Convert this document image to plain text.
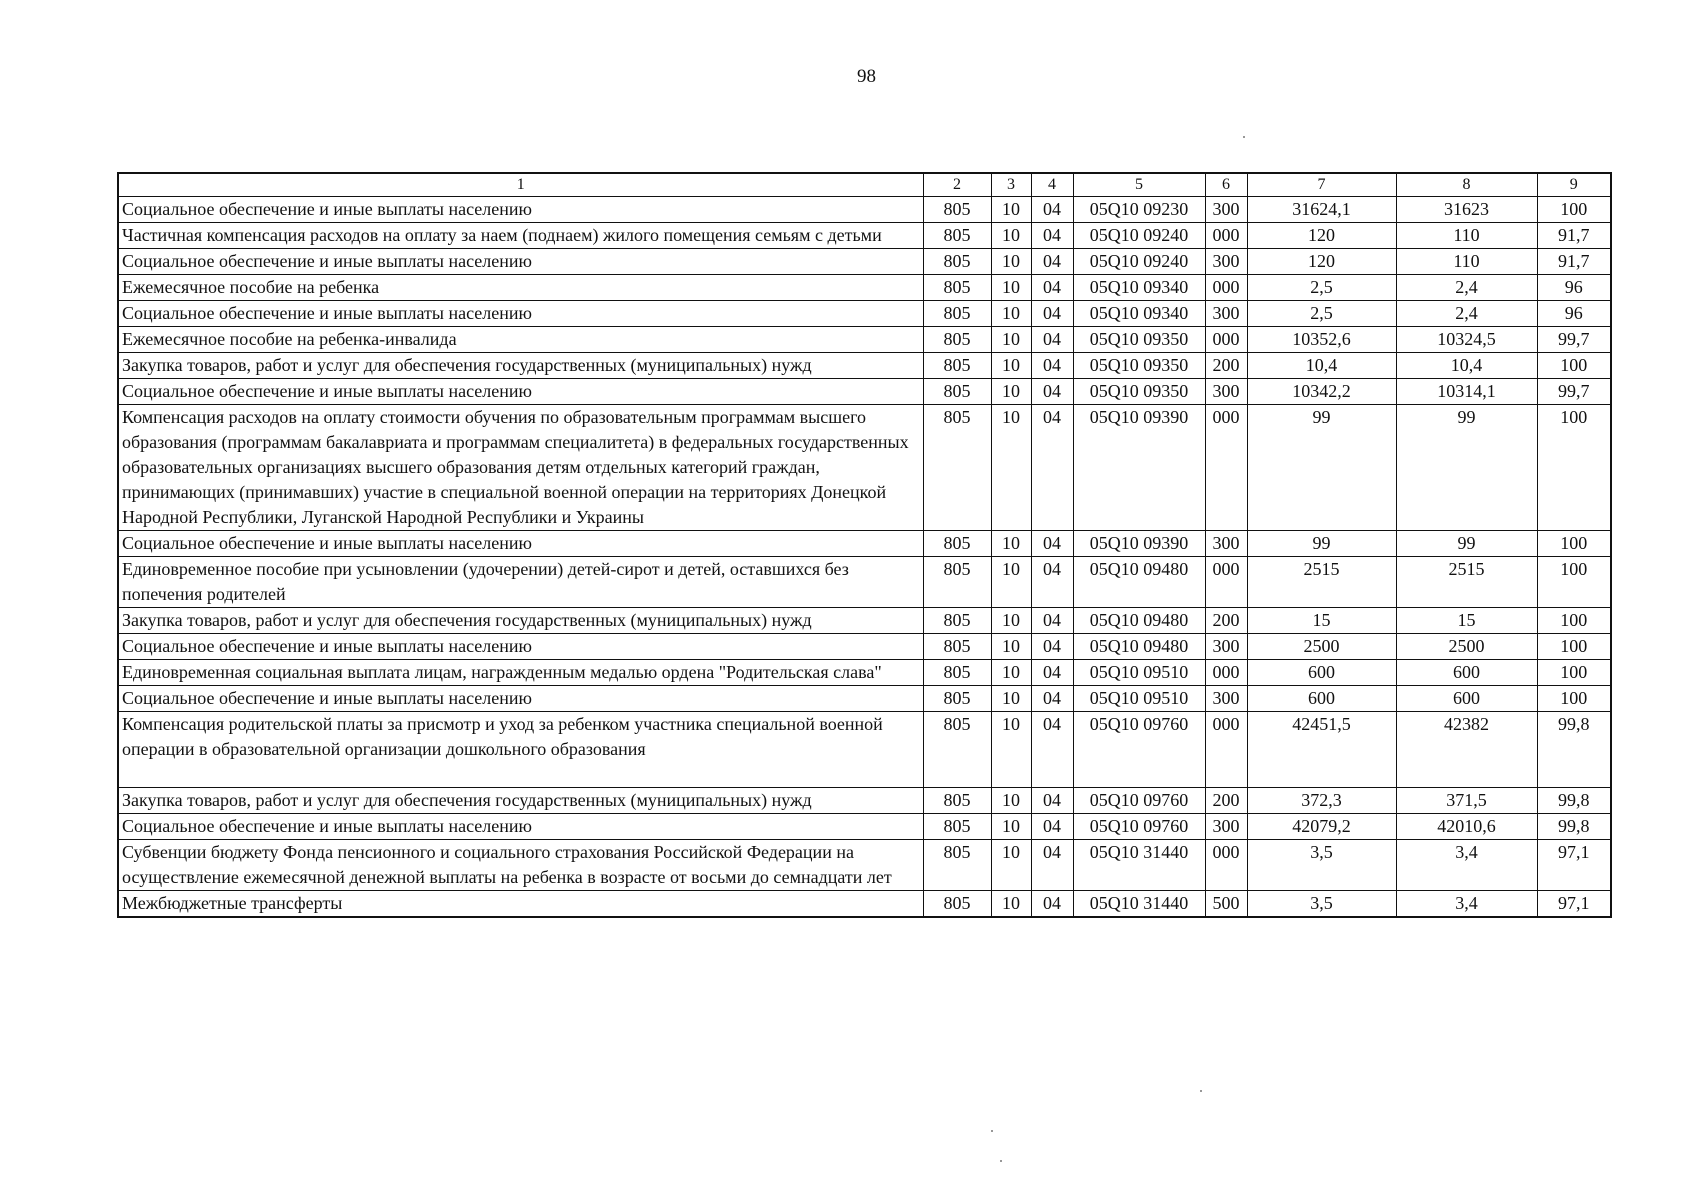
98
1	2	3	4	5	6	7	8	9
Социальное обеспечение и иные выплаты населению	805	10	04	05Q10 09230	300	31624,1	31623	100
Частичная компенсация расходов на оплату за наем (поднаем) жилого помещения семьям с детьми	805	10	04	05Q10 09240	000	120	110	91,7
Социальное обеспечение и иные выплаты населению	805	10	04	05Q10 09240	300	120	110	91,7
Ежемесячное пособие на ребенка	805	10	04	05Q10 09340	000	2,5	2,4	96
Социальное обеспечение и иные выплаты населению	805	10	04	05Q10 09340	300	2,5	2,4	96
Ежемесячное пособие на ребенка-инвалида	805	10	04	05Q10 09350	000	10352,6	10324,5	99,7
Закупка товаров, работ и услуг для обеспечения государственных (муниципальных) нужд	805	10	04	05Q10 09350	200	10,4	10,4	100
Социальное обеспечение и иные выплаты населению	805	10	04	05Q10 09350	300	10342,2	10314,1	99,7
Компенсация расходов на оплату стоимости обучения по образовательным программам высшего образования (программам бакалавриата и программам специалитета) в федеральных государственных образовательных организациях высшего образования детям отдельных категорий граждан, принимающих (принимавших) участие в специальной военной операции на территориях Донецкой Народной Республики, Луганской Народной Республики и Украины	805	10	04	05Q10 09390	000	99	99	100
Социальное обеспечение и иные выплаты населению	805	10	04	05Q10 09390	300	99	99	100
Единовременное пособие при усыновлении (удочерении) детей-сирот и детей, оставшихся без попечения родителей	805	10	04	05Q10 09480	000	2515	2515	100
Закупка товаров, работ и услуг для обеспечения государственных (муниципальных) нужд	805	10	04	05Q10 09480	200	15	15	100
Социальное обеспечение и иные выплаты населению	805	10	04	05Q10 09480	300	2500	2500	100
Единовременная социальная выплата лицам, награжденным медалью ордена "Родительская слава"	805	10	04	05Q10 09510	000	600	600	100
Социальное обеспечение и иные выплаты населению	805	10	04	05Q10 09510	300	600	600	100
Компенсация родительской платы за присмотр и уход за ребенком участника специальной военной операции в образовательной организации дошкольного образования	805	10	04	05Q10 09760	000	42451,5	42382	99,8
Закупка товаров, работ и услуг для обеспечения государственных (муниципальных) нужд	805	10	04	05Q10 09760	200	372,3	371,5	99,8
Социальное обеспечение и иные выплаты населению	805	10	04	05Q10 09760	300	42079,2	42010,6	99,8
Субвенции бюджету Фонда пенсионного и социального страхования Российской Федерации на осуществление ежемесячной денежной выплаты на ребенка в возрасте от восьми до семнадцати лет	805	10	04	05Q10 31440	000	3,5	3,4	97,1
Межбюджетные трансферты	805	10	04	05Q10 31440	500	3,5	3,4	97,1
